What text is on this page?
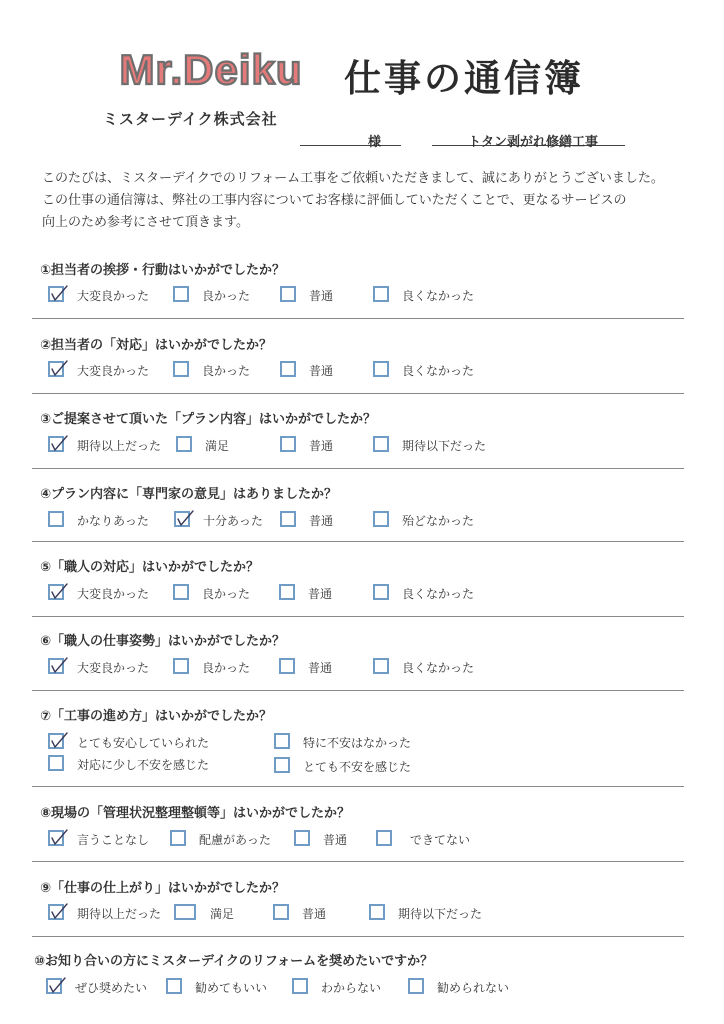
Mr.Deiku 仕事の通信簿
ミスターデイク株式会社
様	トタン剥がれ修繕工事
このたびは、ミスターデイクでのリフォーム工事をご依頼いただきまして、誠にありがとうございました。
この仕事の通信簿は、弊社の工事内容についてお客様に評価していただくことで、更なるサービスの
向上のため参考にさせて頂きます。
①担当者の挨拶・行動はいかがでしたか？
大変良かった	良かった	普通	良くなかった
②担当者の「対応」はいかがでしたか？
大変良かった	良かった	普通	良くなかった
③ご提案させて頂いた「プラン内容」はいかがでしたか？
期待以上だった	満足	普通	期待以下だった
④プラン内容に「専門家の意見」はありましたか？
かなりあった	十分あった	普通	殆どなかった
⑤「職人の対応」はいかがでしたか？
大変良かった	良かった	普通	良くなかった
⑥「職人の仕事姿勢」はいかがでしたか？
大変良かった	良かった	普通	良くなかった
⑦「工事の進め方」はいかがでしたか？
とても安心していられた	特に不安はなかった
対応に少し不安を感じた	とても不安を感じた
⑧現場の「管理状況整理整頓等」はいかがでしたか？
言うことなし	配慮があった	普通	できてない
⑨「仕事の仕上がり」はいかがでしたか？
期待以上だった	満足	普通	期待以下だった
⑩お知り合いの方にミスターデイクのリフォームを奨めたいですか？
ぜひ奨めたい	勧めてもいい	わからない	勧められない
